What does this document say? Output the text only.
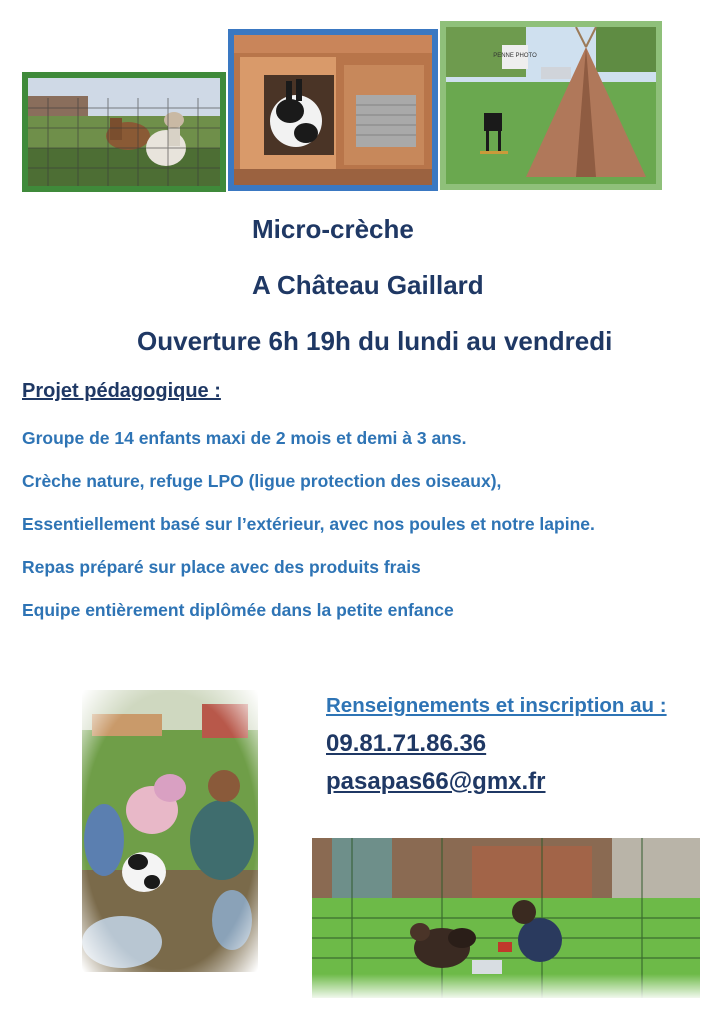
PENNE PHOTO
Micro-crèche
A Château Gaillard
Ouverture 6h 19h du lundi au vendredi
Projet pédagogique :
Groupe de 14 enfants maxi de 2 mois et demi à 3 ans.
Crèche nature, refuge LPO (ligue protection des oiseaux),
Essentiellement basé sur l’extérieur, avec nos poules et notre lapine.
Repas préparé sur place avec des produits frais
Equipe entièrement diplômée dans la petite enfance
Renseignements et inscription au :
09.81.71.86.36
pasapas66@gmx.fr
